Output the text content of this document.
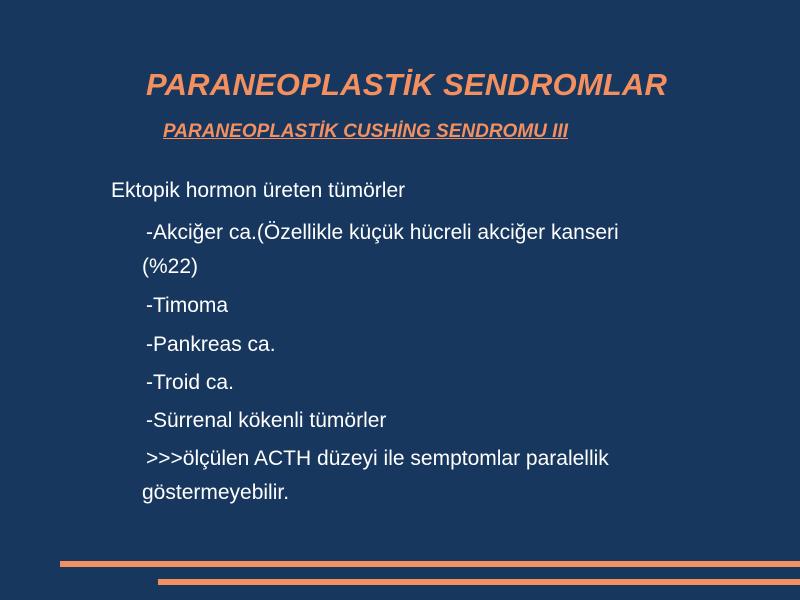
PARANEOPLASTİK SENDROMLAR
PARANEOPLASTİK CUSHİNG SENDROMU III
Ektopik hormon üreten tümörler
-Akciğer ca.(Özellikle küçük hücreli akciğer kanseri
(%22)
-Timoma
-Pankreas ca.
-Troid ca.
-Sürrenal kökenli tümörler
>>>ölçülen ACTH düzeyi ile semptomlar paralellik
göstermeyebilir.
